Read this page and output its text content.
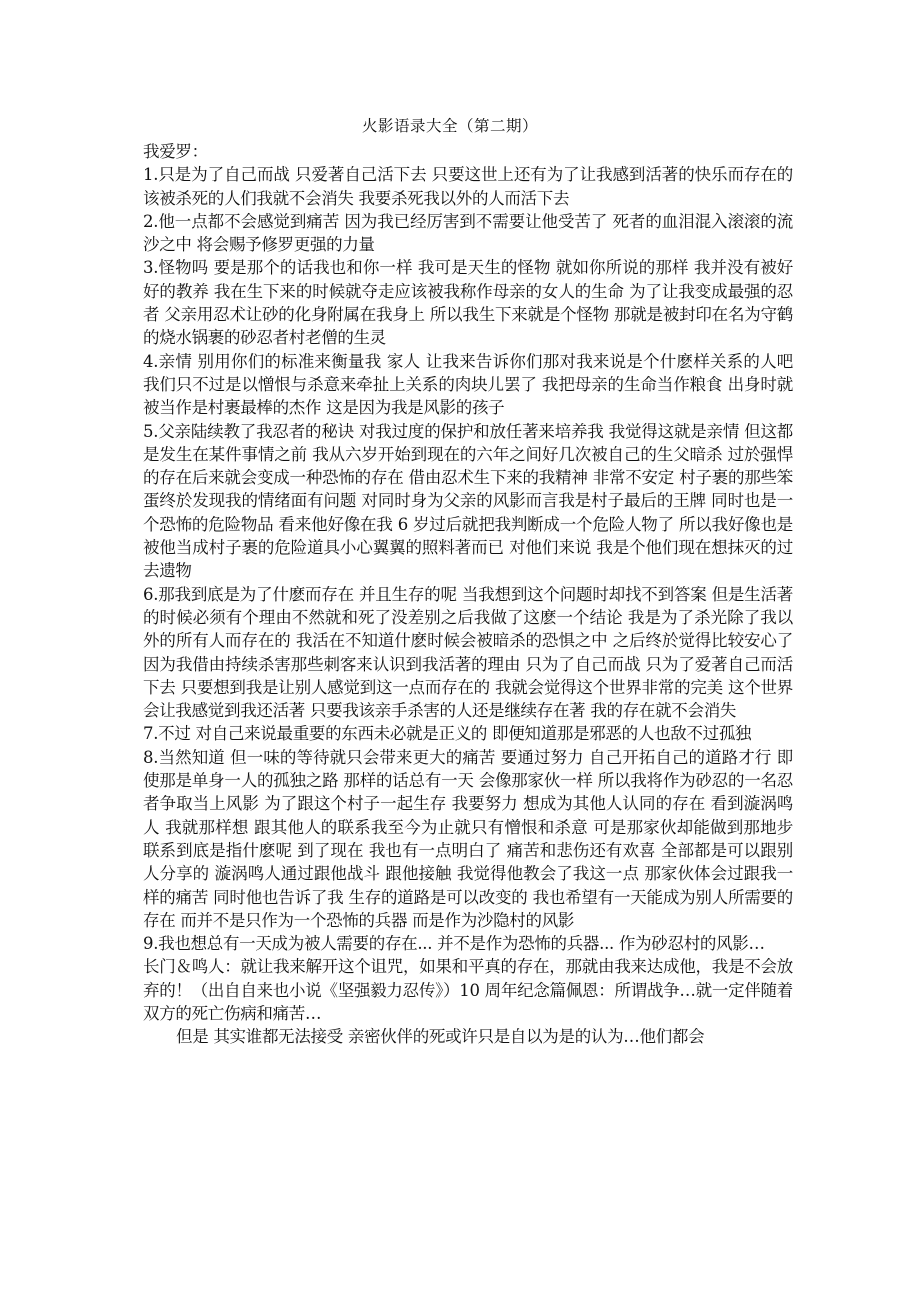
火影语录大全（第二期）

我爱罗：

1.只是为了自己而战 只爱著自己活下去 只要这世上还有为了让我感到活著的快乐而存在的该被杀死的人们我就不会消失 我要杀死我以外的人而活下去

2.他一点都不会感觉到痛苦 因为我已经厉害到不需要让他受苦了 死者的血泪混入滚滚的流沙之中 将会赐予修罗更强的力量

3.怪物吗 要是那个的话我也和你一样 我可是天生的怪物 就如你所说的那样 我并没有被好好的教养 我在生下来的时候就夺走应该被我称作母亲的女人的生命 为了让我变成最强的忍者 父亲用忍术让砂的化身附属在我身上 所以我生下来就是个怪物 那就是被封印在名为守鹤的烧水锅裹的砂忍者村老僧的生灵

4.亲情 别用你们的标准来衡量我 家人 让我来告诉你们那对我来说是个什麽样关系的人吧 我们只不过是以憎恨与杀意来牵扯上关系的肉块儿罢了 我把母亲的生命当作粮食 出身时就被当作是村裹最棒的杰作 这是因为我是风影的孩子

5.父亲陆续教了我忍者的秘诀 对我过度的保护和放任著来培养我 我觉得这就是亲情 但这都是发生在某件事情之前 我从六岁开始到现在的六年之间好几次被自己的生父暗杀 过於强悍的存在后来就会变成一种恐怖的存在 借由忍术生下来的我精神 非常不安定 村子裹的那些笨蛋终於发现我的情绪面有问题 对同时身为父亲的风影而言我是村子最后的王牌 同时也是一个恐怖的危险物品 看来他好像在我 6 岁过后就把我判断成一个危险人物了 所以我好像也是被他当成村子裹的危险道具小心翼翼的照料著而已 对他们来说 我是个他们现在想抹灭的过去遗物

6.那我到底是为了什麽而存在 并且生存的呢 当我想到这个问题时却找不到答案 但是生活著的时候必须有个理由不然就和死了没差别之后我做了这麽一个结论 我是为了杀光除了我以外的所有人而存在的 我活在不知道什麽时候会被暗杀的恐惧之中 之后终於觉得比较安心了 因为我借由持续杀害那些刺客来认识到我活著的理由 只为了自己而战 只为了爱著自己而活下去 只要想到我是让别人感觉到这一点而存在的 我就会觉得这个世界非常的完美 这个世界会让我感觉到我还活著 只要我该亲手杀害的人还是继续存在著 我的存在就不会消失

7.不过 对自己来说最重要的东西未必就是正义的 即便知道那是邪恶的人也敌不过孤独

8.当然知道 但一味的等待就只会带来更大的痛苦 要通过努力 自己开拓自己的道路才行 即使那是单身一人的孤独之路 那样的话总有一天 会像那家伙一样 所以我将作为砂忍的一名忍者争取当上风影 为了跟这个村子一起生存 我要努力 想成为其他人认同的存在 看到漩涡鸣人 我就那样想 跟其他人的联系我至今为止就只有憎恨和杀意 可是那家伙却能做到那地步 联系到底是指什麽呢 到了现在 我也有一点明白了 痛苦和悲伤还有欢喜 全部都是可以跟别人分享的 漩涡鸣人通过跟他战斗 跟他接触 我觉得他教会了我这一点 那家伙体会过跟我一样的痛苦 同时他也告诉了我 生存的道路是可以改变的 我也希望有一天能成为别人所需要的存在 而并不是只作为一个恐怖的兵器 而是作为沙隐村的风影

9.我也想总有一天成为被人需要的存在... 并不是作为恐怖的兵器... 作为砂忍村的风影…

长门＆鸣人：就让我来解开这个诅咒，如果和平真的存在，那就由我来达成他，我是不会放弃的！（出自自来也小说《坚强毅力忍传》）10 周年纪念篇佩恩：所谓战争…就一定伴随着双方的死亡伤病和痛苦…

但是 其实谁都无法接受 亲密伙伴的死或许只是自以为是的认为…他们都会
